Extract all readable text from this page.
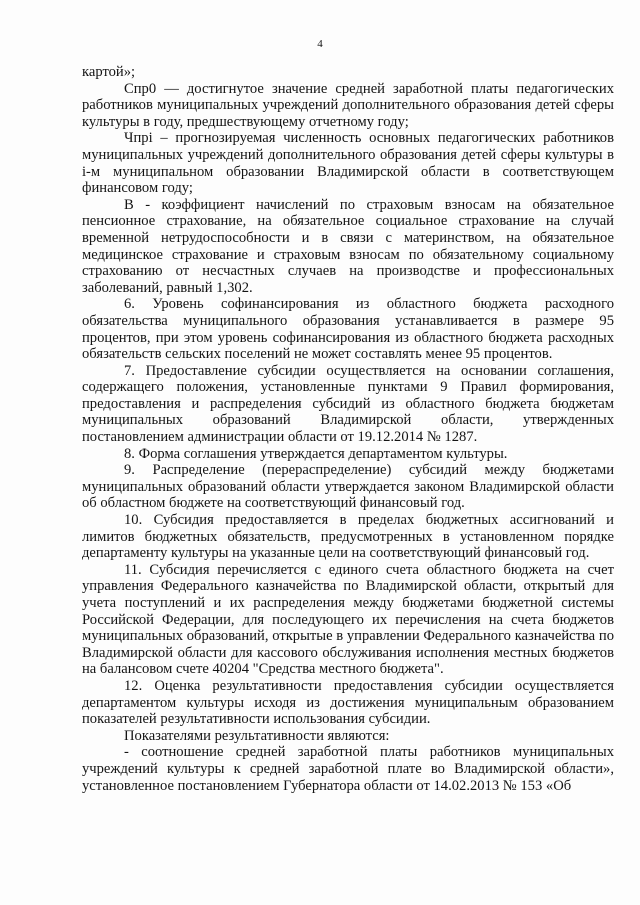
4

картой»;

Спр0 — достигнутое значение средней заработной платы педагогических работников муниципальных учреждений дополнительного образования детей сферы культуры в году, предшествующему отчетному году;

Чпрi – прогнозируемая численность основных педагогических работников муниципальных учреждений дополнительного образования детей сферы культуры в i-м муниципальном образовании Владимирской области в соответствующем финансовом году;

В - коэффициент начислений по страховым взносам на обязательное пенсионное страхование, на обязательное социальное страхование на случай временной нетрудоспособности и в связи с материнством, на обязательное медицинское страхование и страховым взносам по обязательному социальному страхованию от несчастных случаев на производстве и профессиональных заболеваний, равный 1,302.

6. Уровень софинансирования из областного бюджета расходного обязательства муниципального образования устанавливается в размере 95 процентов, при этом уровень софинансирования из областного бюджета расходных обязательств сельских поселений не может составлять менее 95 процентов.

7. Предоставление субсидии осуществляется на основании соглашения, содержащего положения, установленные пунктами 9 Правил формирования, предоставления и распределения субсидий из областного бюджета бюджетам муниципальных образований Владимирской области, утвержденных постановлением администрации области от 19.12.2014 № 1287.

8. Форма соглашения утверждается департаментом культуры.

9. Распределение (перераспределение) субсидий между бюджетами муниципальных образований области утверждается законом Владимирской области об областном бюджете на соответствующий финансовый год.

10. Субсидия предоставляется в пределах бюджетных ассигнований и лимитов бюджетных обязательств, предусмотренных в установленном порядке департаменту культуры на указанные цели на соответствующий финансовый год.

11. Субсидия перечисляется с единого счета областного бюджета на счет управления Федерального казначейства по Владимирской области, открытый для учета поступлений и их распределения между бюджетами бюджетной системы Российской Федерации, для последующего их перечисления на счета бюджетов муниципальных образований, открытые в управлении Федерального казначейства по Владимирской области для кассового обслуживания исполнения местных бюджетов на балансовом счете 40204 "Средства местного бюджета".

12. Оценка результативности предоставления субсидии осуществляется департаментом культуры исходя из достижения муниципальным образованием показателей результативности использования субсидии.

Показателями результативности являются:

- соотношение средней заработной платы работников муниципальных учреждений культуры к средней заработной плате во Владимирской области», установленное постановлением Губернатора области от 14.02.2013 № 153 «Об
